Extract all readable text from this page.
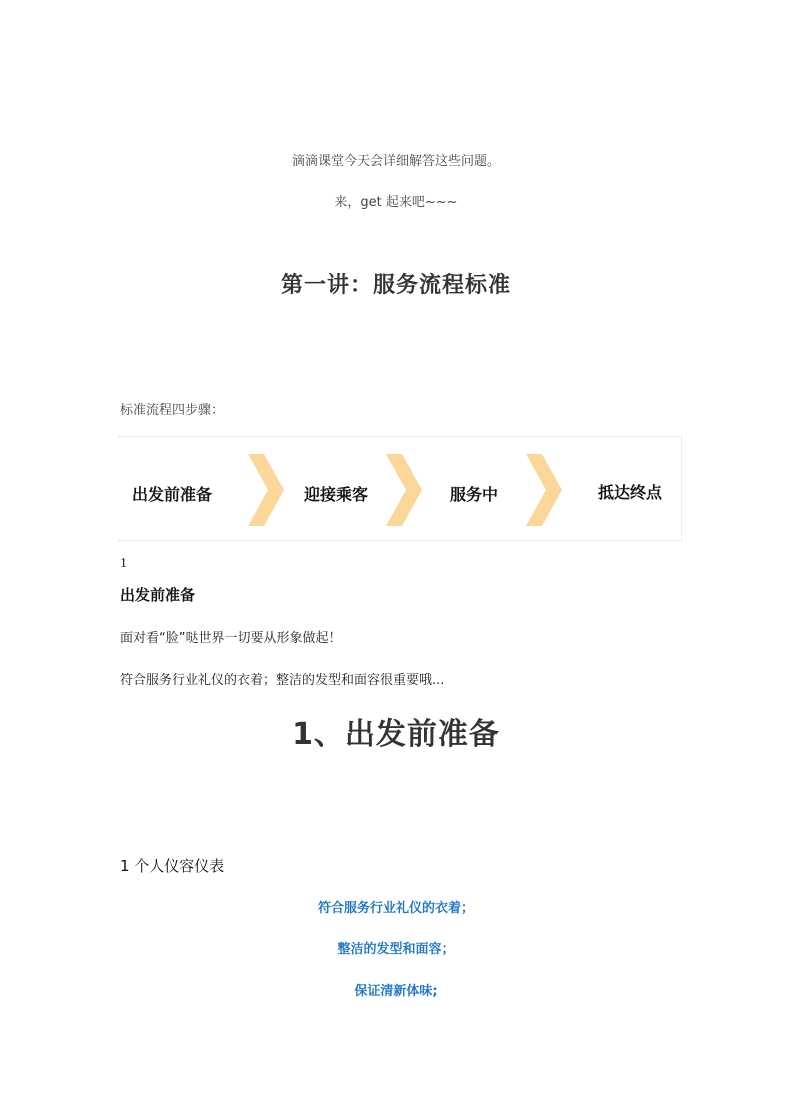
滴滴课堂今天会详细解答这些问题。
来，get 起来吧~~~
第一讲：服务流程标准
标准流程四步骤：
出发前准备	迎接乘客	服务中	抵达终点
1
出发前准备
面对看“脸”哒世界一切要从形象做起！
符合服务行业礼仪的衣着；整洁的发型和面容很重要哦...
1、出发前准备
1 个人仪容仪表
符合服务行业礼仪的衣着；
整洁的发型和面容；
保证清新体味;
